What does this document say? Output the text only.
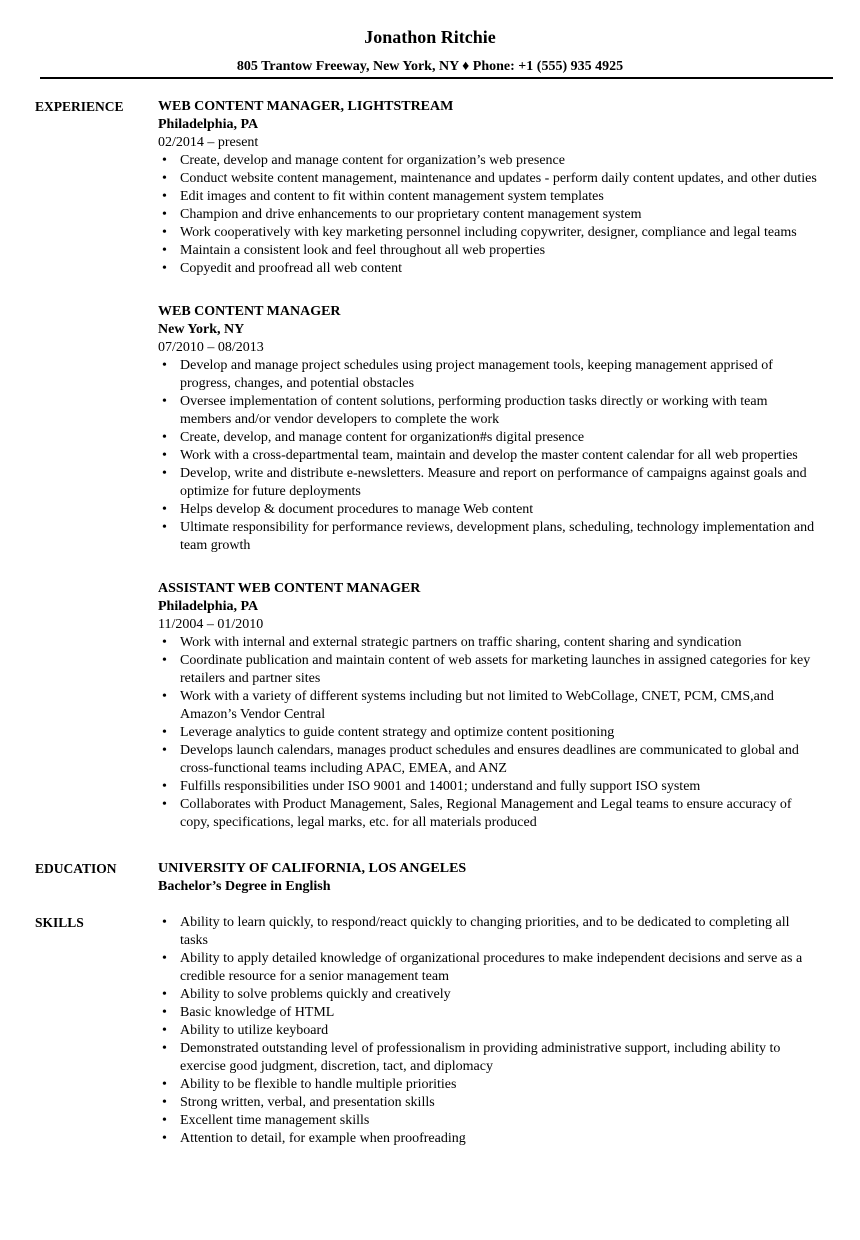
Jonathon Ritchie
805 Trantow Freeway, New York, NY ♦ Phone: +1 (555) 935 4925
EXPERIENCE WEB CONTENT MANAGER, LIGHTSTREAM
Philadelphia, PA
02/2014 – present
• Create, develop and manage content for organization’s web presence
• Conduct website content management, maintenance and updates - perform daily content updates, and other duties
• Edit images and content to fit within content management system templates
• Champion and drive enhancements to our proprietary content management system
• Work cooperatively with key marketing personnel including copywriter, designer, compliance and legal teams
• Maintain a consistent look and feel throughout all web properties
• Copyedit and proofread all web content
WEB CONTENT MANAGER
New York, NY
07/2010 – 08/2013
• Develop and manage project schedules using project management tools, keeping management apprised of progress, changes, and potential obstacles
• Oversee implementation of content solutions, performing production tasks directly or working with team members and/or vendor developers to complete the work
• Create, develop, and manage content for organization#s digital presence
• Work with a cross-departmental team, maintain and develop the master content calendar for all web properties
• Develop, write and distribute e-newsletters. Measure and report on performance of campaigns against goals and optimize for future deployments
• Helps develop & document procedures to manage Web content
• Ultimate responsibility for performance reviews, development plans, scheduling, technology implementation and team growth
ASSISTANT WEB CONTENT MANAGER
Philadelphia, PA
11/2004 – 01/2010
• Work with internal and external strategic partners on traffic sharing, content sharing and syndication
• Coordinate publication and maintain content of web assets for marketing launches in assigned categories for key retailers and partner sites
• Work with a variety of different systems including but not limited to WebCollage, CNET, PCM, CMS,and Amazon’s Vendor Central
• Leverage analytics to guide content strategy and optimize content positioning
• Develops launch calendars, manages product schedules and ensures deadlines are communicated to global and cross-functional teams including APAC, EMEA, and ANZ
• Fulfills responsibilities under ISO 9001 and 14001; understand and fully support ISO system
• Collaborates with Product Management, Sales, Regional Management and Legal teams to ensure accuracy of copy, specifications, legal marks, etc. for all materials produced
EDUCATION	UNIVERSITY OF CALIFORNIA, LOS ANGELES
Bachelor’s Degree in English
SKILLS	• Ability to learn quickly, to respond/react quickly to changing priorities, and to be dedicated to completing all tasks
• Ability to apply detailed knowledge of organizational procedures to make independent decisions and serve as a credible resource for a senior management team
• Ability to solve problems quickly and creatively
• Basic knowledge of HTML
• Ability to utilize keyboard
• Demonstrated outstanding level of professionalism in providing administrative support, including ability to exercise good judgment, discretion, tact, and diplomacy
• Ability to be flexible to handle multiple priorities
• Strong written, verbal, and presentation skills
• Excellent time management skills
• Attention to detail, for example when proofreading
